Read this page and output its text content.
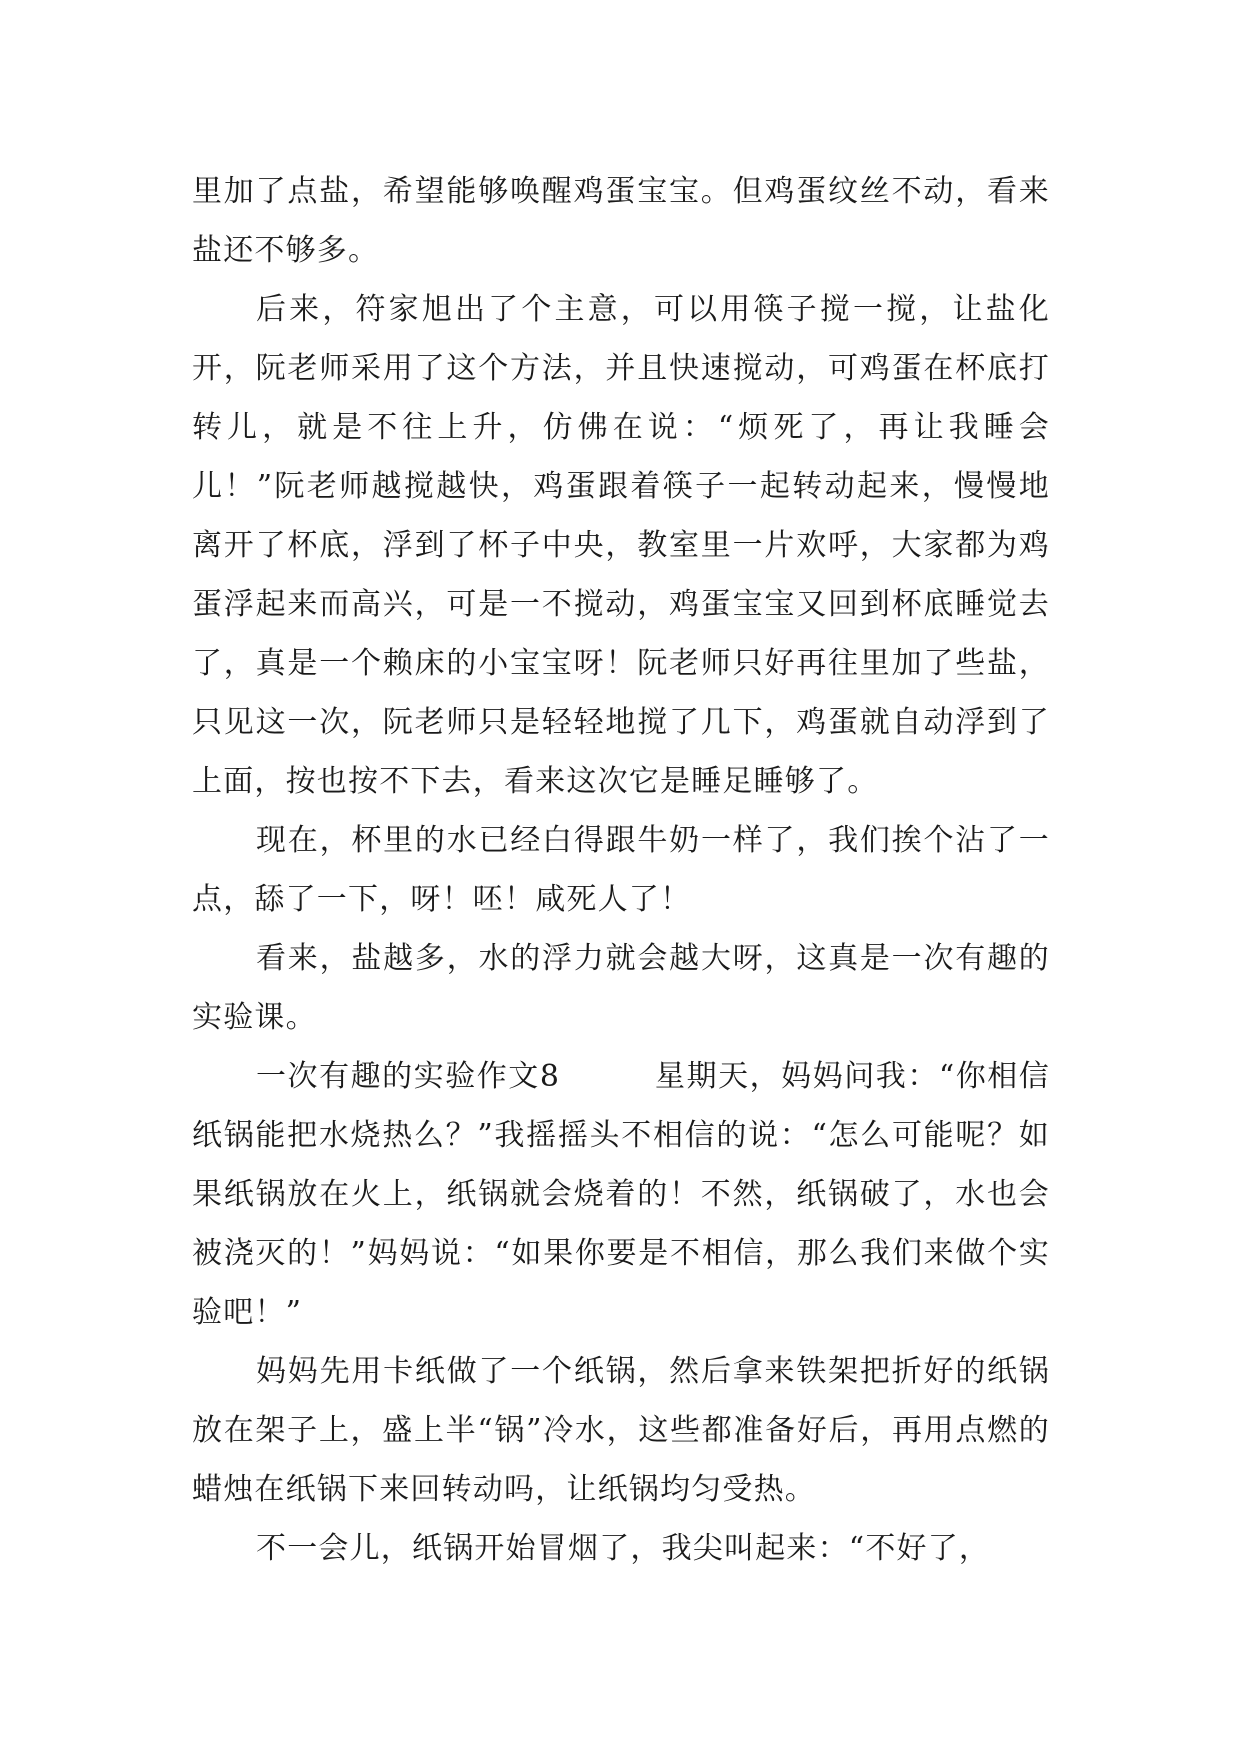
里加了点盐，希望能够唤醒鸡蛋宝宝。但鸡蛋纹丝不动，看来盐还不够多。

后来，符家旭出了个主意，可以用筷子搅一搅，让盐化开，阮老师采用了这个方法，并且快速搅动，可鸡蛋在杯底打转儿，就是不往上升，仿佛在说：“烦死了，再让我睡会儿！”阮老师越搅越快，鸡蛋跟着筷子一起转动起来，慢慢地离开了杯底，浮到了杯子中央，教室里一片欢呼，大家都为鸡蛋浮起来而高兴，可是一不搅动，鸡蛋宝宝又回到杯底睡觉去了，真是一个赖床的小宝宝呀！阮老师只好再往里加了些盐，只见这一次，阮老师只是轻轻地搅了几下，鸡蛋就自动浮到了上面，按也按不下去，看来这次它是睡足睡够了。

现在，杯里的水已经白得跟牛奶一样了，我们挨个沾了一点，舔了一下，呀！呸！咸死人了！

看来，盐越多，水的浮力就会越大呀，这真是一次有趣的实验课。

一次有趣的实验作文8　　　星期天，妈妈问我：“你相信纸锅能把水烧热么？”我摇摇头不相信的说：“怎么可能呢？如果纸锅放在火上，纸锅就会烧着的！不然，纸锅破了，水也会被浇灭的！”妈妈说：“如果你要是不相信，那么我们来做个实验吧！”

妈妈先用卡纸做了一个纸锅，然后拿来铁架把折好的纸锅放在架子上，盛上半“锅”冷水，这些都准备好后，再用点燃的蜡烛在纸锅下来回转动吗，让纸锅均匀受热。

不一会儿，纸锅开始冒烟了，我尖叫起来：“不好了，
